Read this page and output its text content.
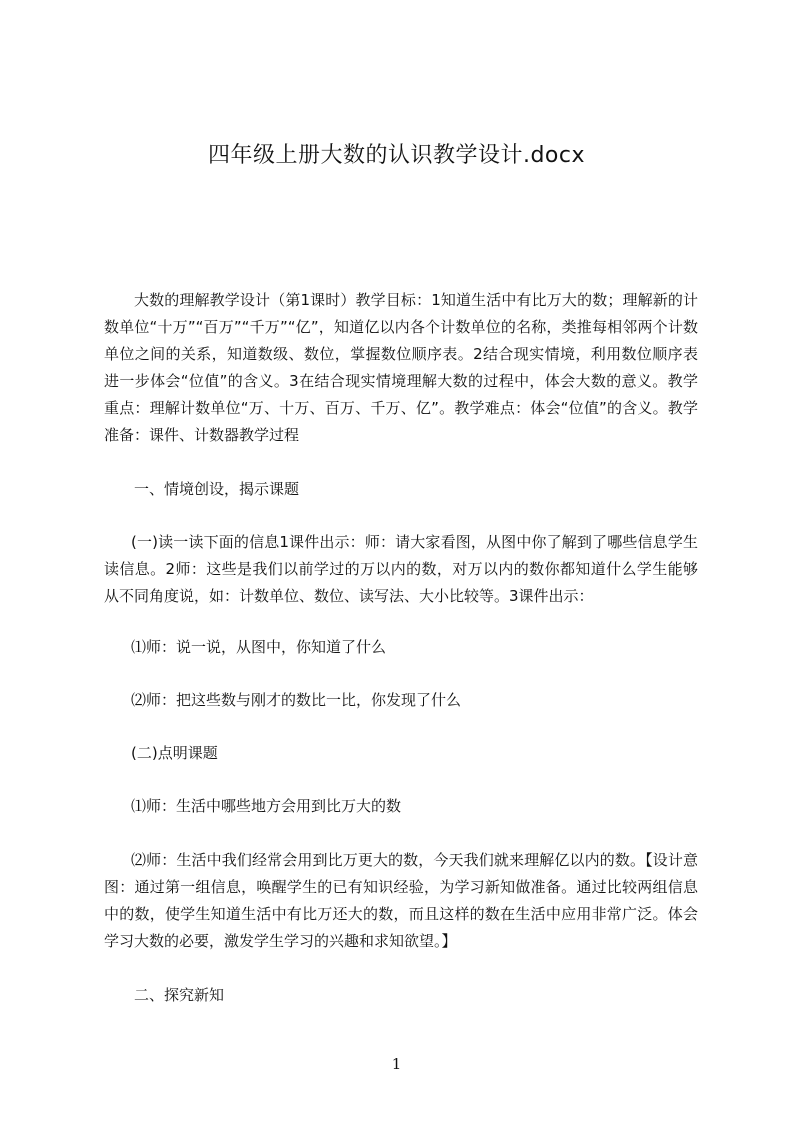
四年级上册大数的认识教学设计.docx
大数的理解教学设计（第1课时）教学目标：1知道生活中有比万大的数；理解新的计数单位“十万”“百万”“千万”“亿”，知道亿以内各个计数单位的名称，类推每相邻两个计数单位之间的关系，知道数级、数位，掌握数位顺序表。2结合现实情境，利用数位顺序表进一步体会“位值”的含义。3在结合现实情境理解大数的过程中，体会大数的意义。教学重点：理解计数单位“万、十万、百万、千万、亿”。教学难点：体会“位值”的含义。教学准备：课件、计数器教学过程
一、情境创设，揭示课题
(一)读一读下面的信息1课件出示：师：请大家看图，从图中你了解到了哪些信息学生读信息。2师：这些是我们以前学过的万以内的数，对万以内的数你都知道什么学生能够从不同角度说，如：计数单位、数位、读写法、大小比较等。3课件出示：
⑴师：说一说，从图中，你知道了什么
⑵师：把这些数与刚才的数比一比，你发现了什么
(二)点明课题
⑴师：生活中哪些地方会用到比万大的数
⑵师：生活中我们经常会用到比万更大的数，今天我们就来理解亿以内的数。【设计意图：通过第一组信息，唤醒学生的已有知识经验，为学习新知做准备。通过比较两组信息中的数，使学生知道生活中有比万还大的数，而且这样的数在生活中应用非常广泛。体会学习大数的必要，激发学生学习的兴趣和求知欲望。】
二、探究新知
1
